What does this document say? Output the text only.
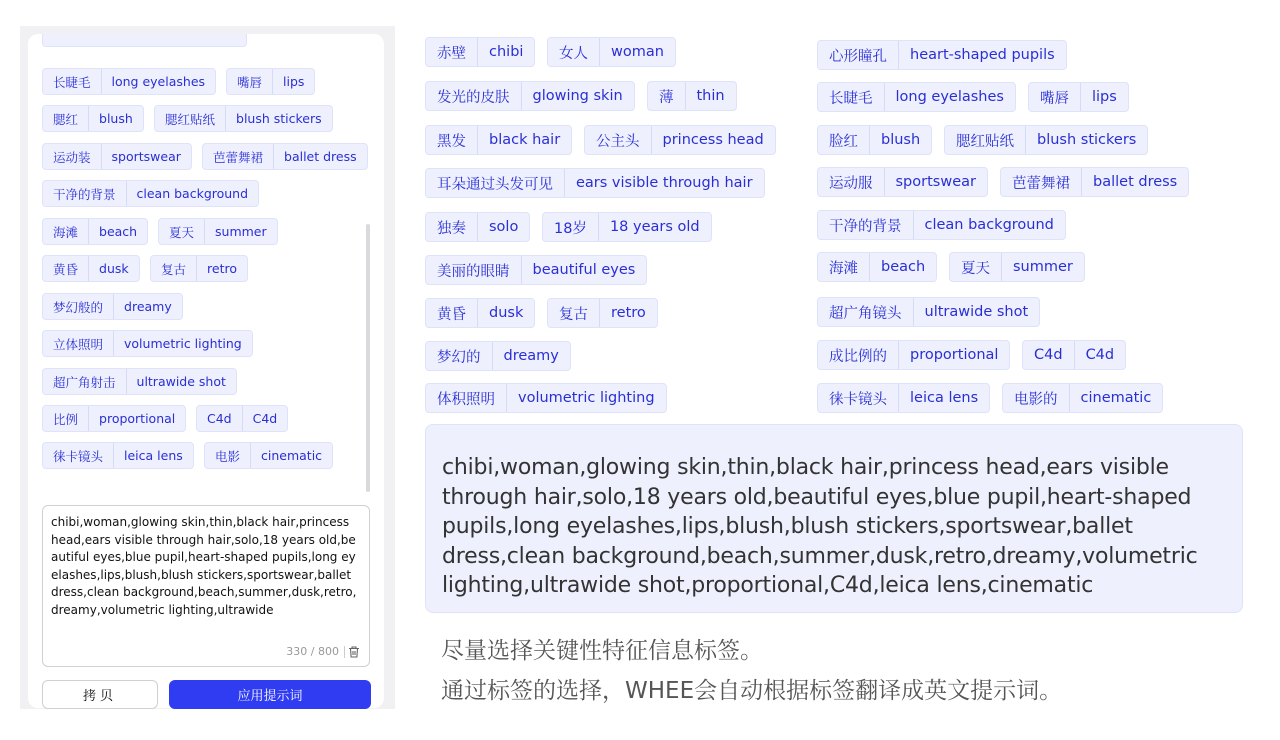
长睫毛	long eyelashes	嘴唇	lips
腮红	blush	腮红贴纸	blush stickers
运动装	sportswear	芭蕾舞裙	ballet dress
干净的背景	clean background
海滩	beach	夏天	summer
黄昏	dusk	复古	retro
梦幻般的	dreamy
立体照明	volumetric lighting
超广角射击	ultrawide shot
比例	proportional	C4d	C4d
徕卡镜头	leica lens	电影	cinematic
chibi,woman,glowing skin,thin,black hair,princess head,ears visible through hair,solo,18 years old,beautiful eyes,blue pupil,heart-shaped pupils,long eyelashes,lips,blush,blush stickers,sportswear,ballet dress,clean background,beach,summer,dusk,retro,dreamy,volumetric lighting,ultrawide
330 / 800
拷贝	应用提示词
chibi,woman,glowing skin,thin,black hair,princess head,ears visible through hair,solo,18 years old,beautiful eyes,blue pupil,heart-shaped pupils,long eyelashes,lips,blush,blush stickers,sportswear,ballet dress,clean background,beach,summer,dusk,retro,dreamy,volumetric lighting,ultrawide shot,proportional,C4d,leica lens,cinematic
尽量选择关键性特征信息标签。
通过标签的选择，WHEE会自动根据标签翻译成英文提示词。
赤壁	chibi	女人	woman
发光的皮肤	glowing skin	薄	thin
黑发	black hair	公主头	princess head
耳朵通过头发可见	ears visible through hair
独奏	solo	18岁	18 years old
美丽的眼睛	beautiful eyes
黄昏	dusk	复古	retro
梦幻的	dreamy
体积照明	volumetric lighting
心形瞳孔	heart-shaped pupils
长睫毛	long eyelashes	嘴唇	lips
脸红	blush	腮红贴纸	blush stickers
运动服	sportswear	芭蕾舞裙	ballet dress
干净的背景	clean background
海滩	beach	夏天	summer
超广角镜头	ultrawide shot
成比例的	proportional	C4d	C4d
徕卡镜头	leica lens	电影的	cinematic
